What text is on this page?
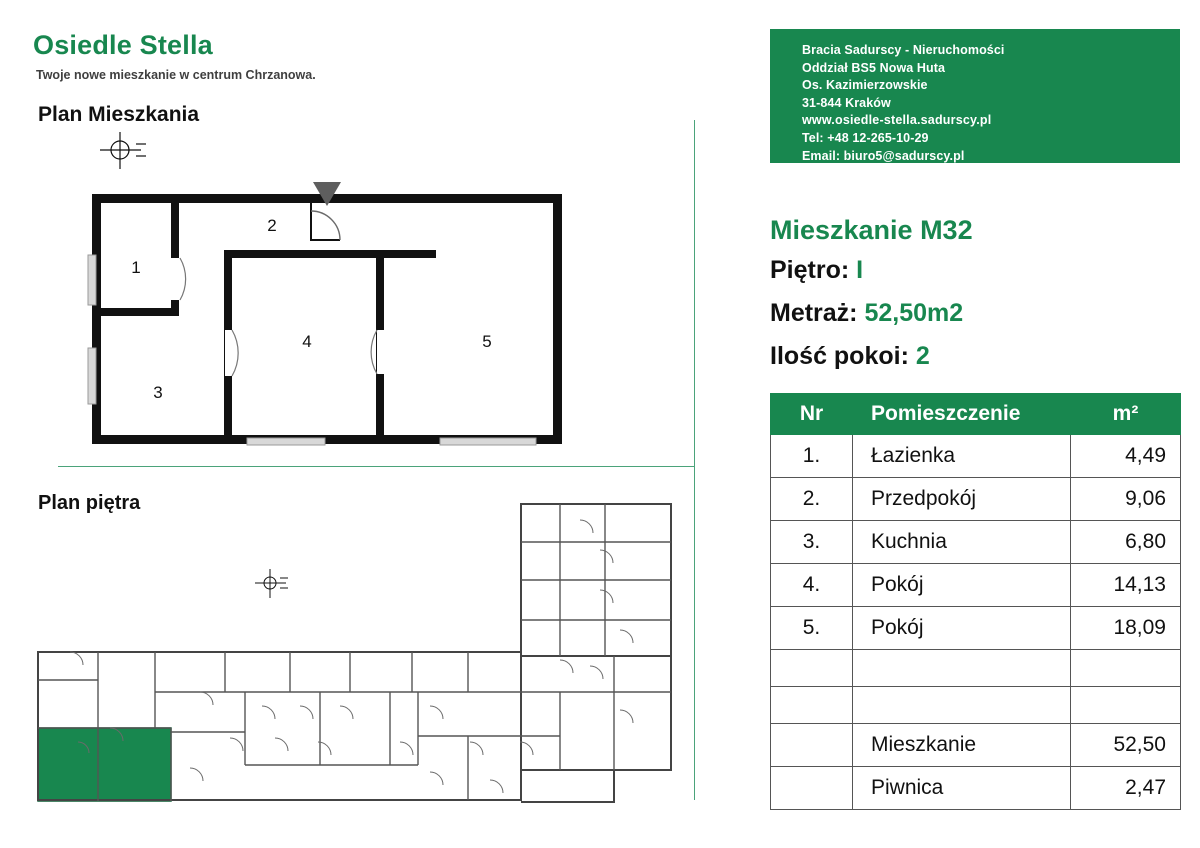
Osiedle Stella
Twoje nowe mieszkanie w centrum Chrzanowa.
Plan Mieszkania
Plan piętra
1
2
3
4	5
Bracia Sadurscy - Nieruchomości
Oddział BS5 Nowa Huta
Os. Kazimierzowskie
31-844 Kraków
www.osiedle-stella.sadurscy.pl
Tel: +48 12-265-10-29
Email: biuro5@sadurscy.pl
Mieszkanie M32
Piętro: I
Metraż: 52,50m2
Ilość pokoi: 2
Nr	Pomieszczenie	m²
1.	Łazienka	4,49
2.	Przedpokój	9,06
3.	Kuchnia	6,80
4.	Pokój	14,13
5.	Pokój	18,09

	Mieszkanie	52,50
	Piwnica	2,47
